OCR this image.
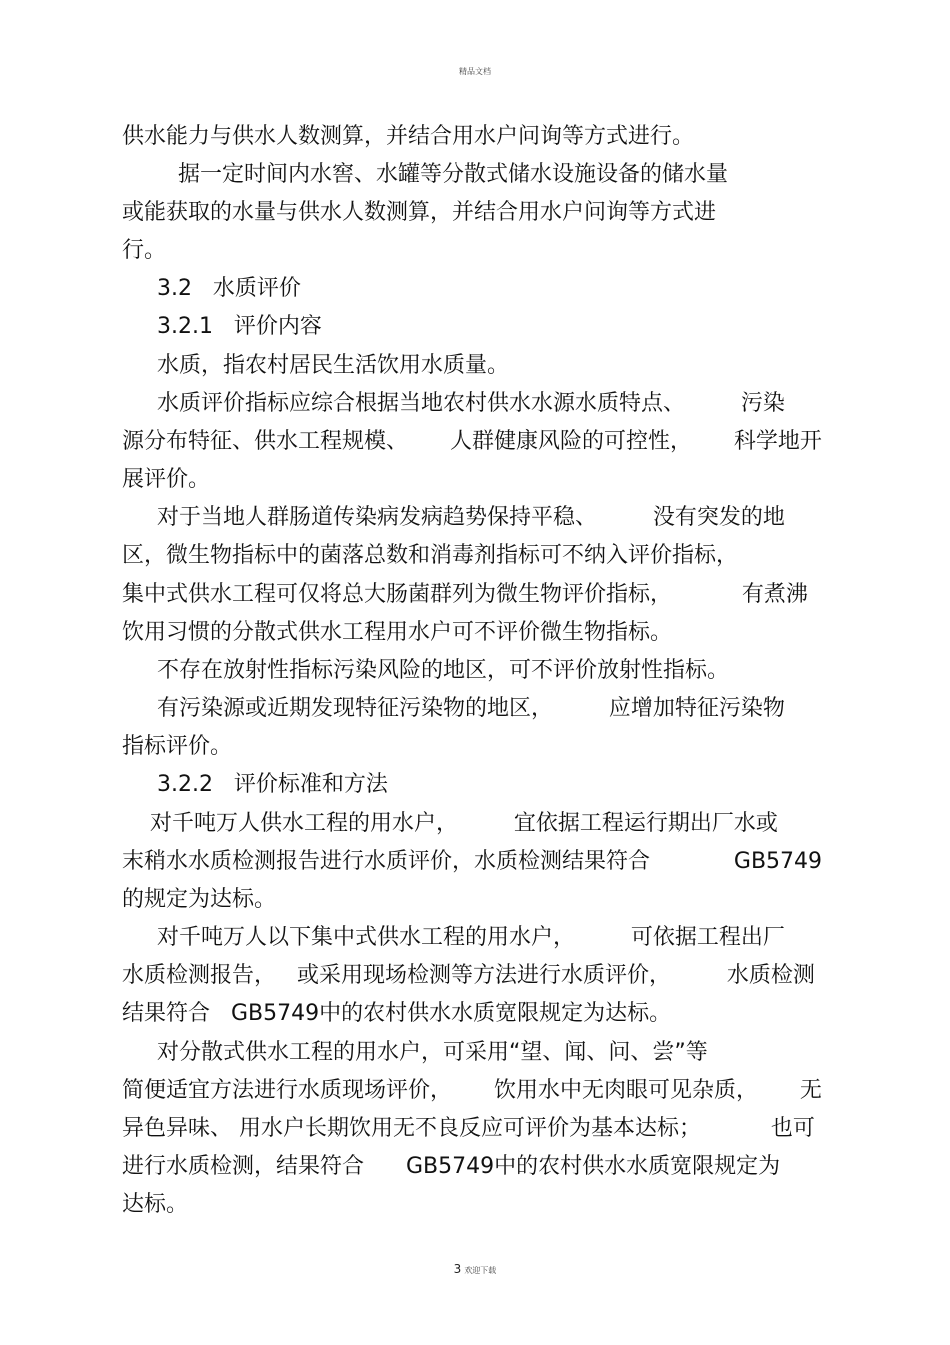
精品文档
供水能力与供水人数测算，并结合用水户问询等方式进行。
据一定时间内水窖、水罐等分散式储水设施设备的储水量
或能获取的水量与供水人数测算，并结合用水户问询等方式进
行。
3.2   水质评价
3.2.1   评价内容
水质，指农村居民生活饮用水质量。
水质评价指标应综合根据当地农村供水水源水质特点、        污染
源分布特征、供水工程规模、      人群健康风险的可控性，      科学地开
展评价。
对于当地人群肠道传染病发病趋势保持平稳、        没有突发的地
区，微生物指标中的菌落总数和消毒剂指标可不纳入评价指标，
集中式供水工程可仅将总大肠菌群列为微生物评价指标，          有煮沸
饮用习惯的分散式供水工程用水户可不评价微生物指标。
不存在放射性指标污染风险的地区，可不评价放射性指标。
有污染源或近期发现特征污染物的地区，        应增加特征污染物
指标评价。
3.2.2   评价标准和方法
对千吨万人供水工程的用水户，        宜依据工程运行期出厂水或
末稍水水质检测报告进行水质评价，水质检测结果符合            GB5749
的规定为达标。
对千吨万人以下集中式供水工程的用水户，        可依据工程出厂
水质检测报告，   或采用现场检测等方法进行水质评价，        水质检测
结果符合   GB5749中的农村供水水质宽限规定为达标。
对分散式供水工程的用水户，可采用“望、闻、问、尝”等
简便适宜方法进行水质现场评价，      饮用水中无肉眼可见杂质，      无
异色异味、 用水户长期饮用无不良反应可评价为基本达标；          也可
进行水质检测，结果符合      GB5749中的农村供水水质宽限规定为
达标。
3 欢迎下载
